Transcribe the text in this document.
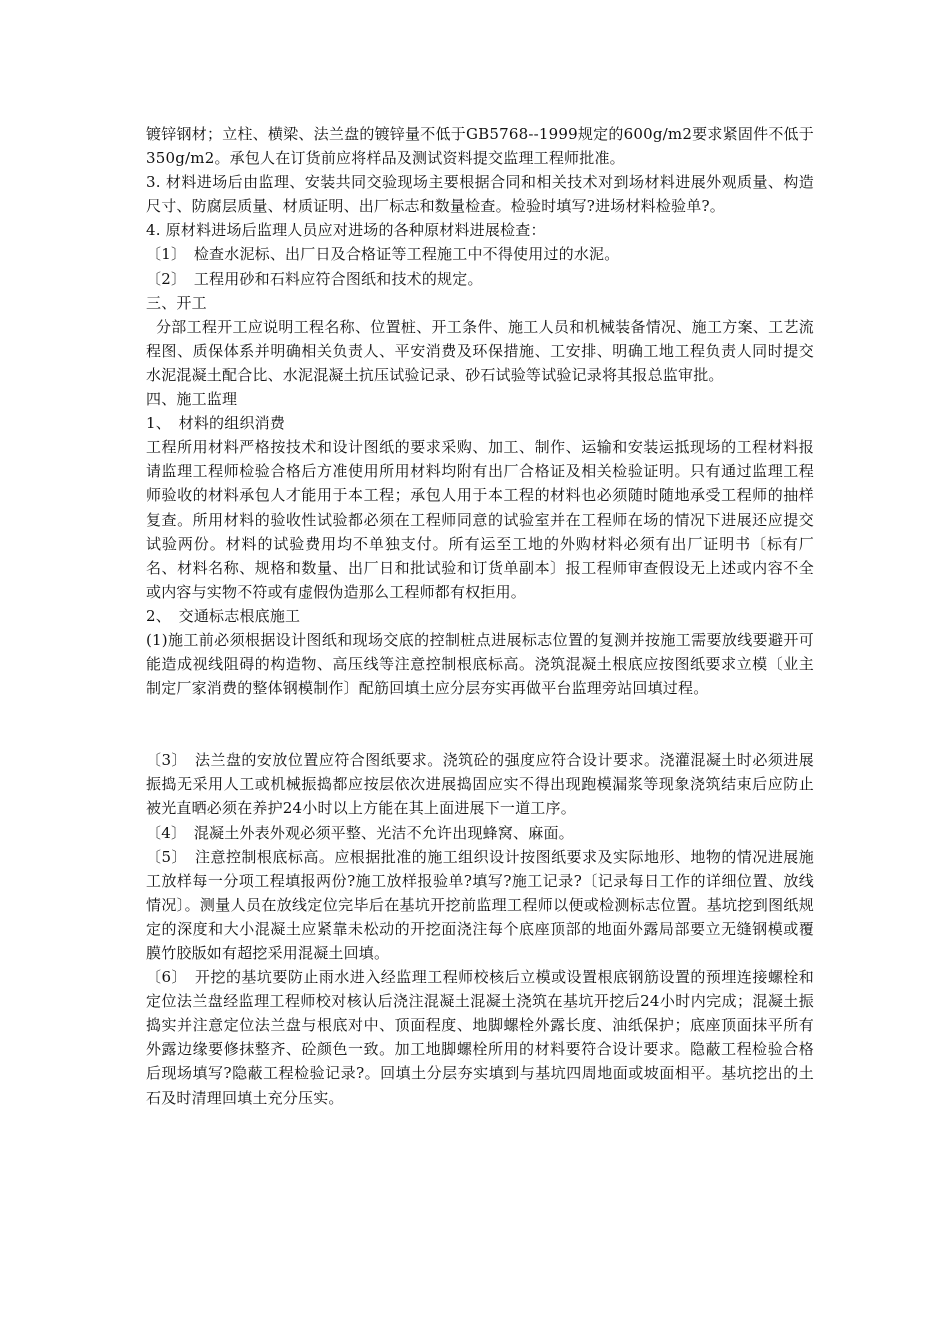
镀锌钢材；立柱、横梁、法兰盘的镀锌量不低于GB5768--1999规定的600g/m2要求紧固件不低于350g/m2。承包人在订货前应将样品及测试资料提交监理工程师批准。

3. 材料进场后由监理、安装共同交验现场主要根据合同和相关技术对到场材料进展外观质量、构造尺寸、防腐层质量、材质证明、出厂标志和数量检查。检验时填写?进场材料检验单?。

4. 原材料进场后监理人员应对进场的各种原材料进展检查：

〔1〕　检查水泥标、出厂日及合格证等工程施工中不得使用过的水泥。

〔2〕　工程用砂和石料应符合图纸和技术的规定。

三、开工

分部工程开工应说明工程名称、位置桩、开工条件、施工人员和机械装备情况、施工方案、工艺流程图、质保体系并明确相关负责人、平安消费及环保措施、工安排、明确工地工程负责人同时提交水泥混凝土配合比、水泥混凝土抗压试验记录、砂石试验等试验记录将其报总监审批。

四、施工监理

1、　材料的组织消费

工程所用材料严格按技术和设计图纸的要求采购、加工、制作、运输和安装运抵现场的工程材料报请监理工程师检验合格后方准使用所用材料均附有出厂合格证及相关检验证明。只有通过监理工程师验收的材料承包人才能用于本工程；承包人用于本工程的材料也必须随时随地承受工程师的抽样复查。所用材料的验收性试验都必须在工程师同意的试验室并在工程师在场的情况下进展还应提交试验两份。材料的试验费用均不单独支付。所有运至工地的外购材料必须有出厂证明书〔标有厂名、材料名称、规格和数量、出厂日和批试验和订货单副本〕报工程师审查假设无上述或内容不全或内容与实物不符或有虚假伪造那么工程师都有权拒用。

2、　交通标志根底施工

(1)施工前必须根据设计图纸和现场交底的控制桩点进展标志位置的复测并按施工需要放线要避开可能造成视线阻碍的构造物、高压线等注意控制根底标高。浇筑混凝土根底应按图纸要求立模〔业主制定厂家消费的整体钢模制作〕配筋回填土应分层夯实再做平台监理旁站回填过程。

〔3〕　法兰盘的安放位置应符合图纸要求。浇筑砼的强度应符合设计要求。浇灌混凝土时必须进展振捣无采用人工或机械振捣都应按层依次进展捣固应实不得出现跑模漏浆等现象浇筑结束后应防止被光直晒必须在养护24小时以上方能在其上面进展下一道工序。

〔4〕　混凝土外表外观必须平整、光洁不允许出现蜂窝、麻面。

〔5〕　注意控制根底标高。应根据批准的施工组织设计按图纸要求及实际地形、地物的情况进展施工放样每一分项工程填报两份?施工放样报验单?填写?施工记录?〔记录每日工作的详细位置、放线情况〕。测量人员在放线定位完毕后在基坑开挖前监理工程师以便或检测标志位置。基坑挖到图纸规定的深度和大小混凝土应紧靠未松动的开挖面浇注每个底座顶部的地面外露局部要立无缝钢模或覆膜竹胶版如有超挖采用混凝土回填。

〔6〕　开挖的基坑要防止雨水进入经监理工程师校核后立模或设置根底钢筋设置的预埋连接螺栓和定位法兰盘经监理工程师校对核认后浇注混凝土混凝土浇筑在基坑开挖后24小时内完成；混凝土振捣实并注意定位法兰盘与根底对中、顶面程度、地脚螺栓外露长度、油纸保护；底座顶面抹平所有外露边缘要修抹整齐、砼颜色一致。加工地脚螺栓所用的材料要符合设计要求。隐蔽工程检验合格后现场填写?隐蔽工程检验记录?。回填土分层夯实填到与基坑四周地面或坡面相平。基坑挖出的土石及时清理回填土充分压实。
